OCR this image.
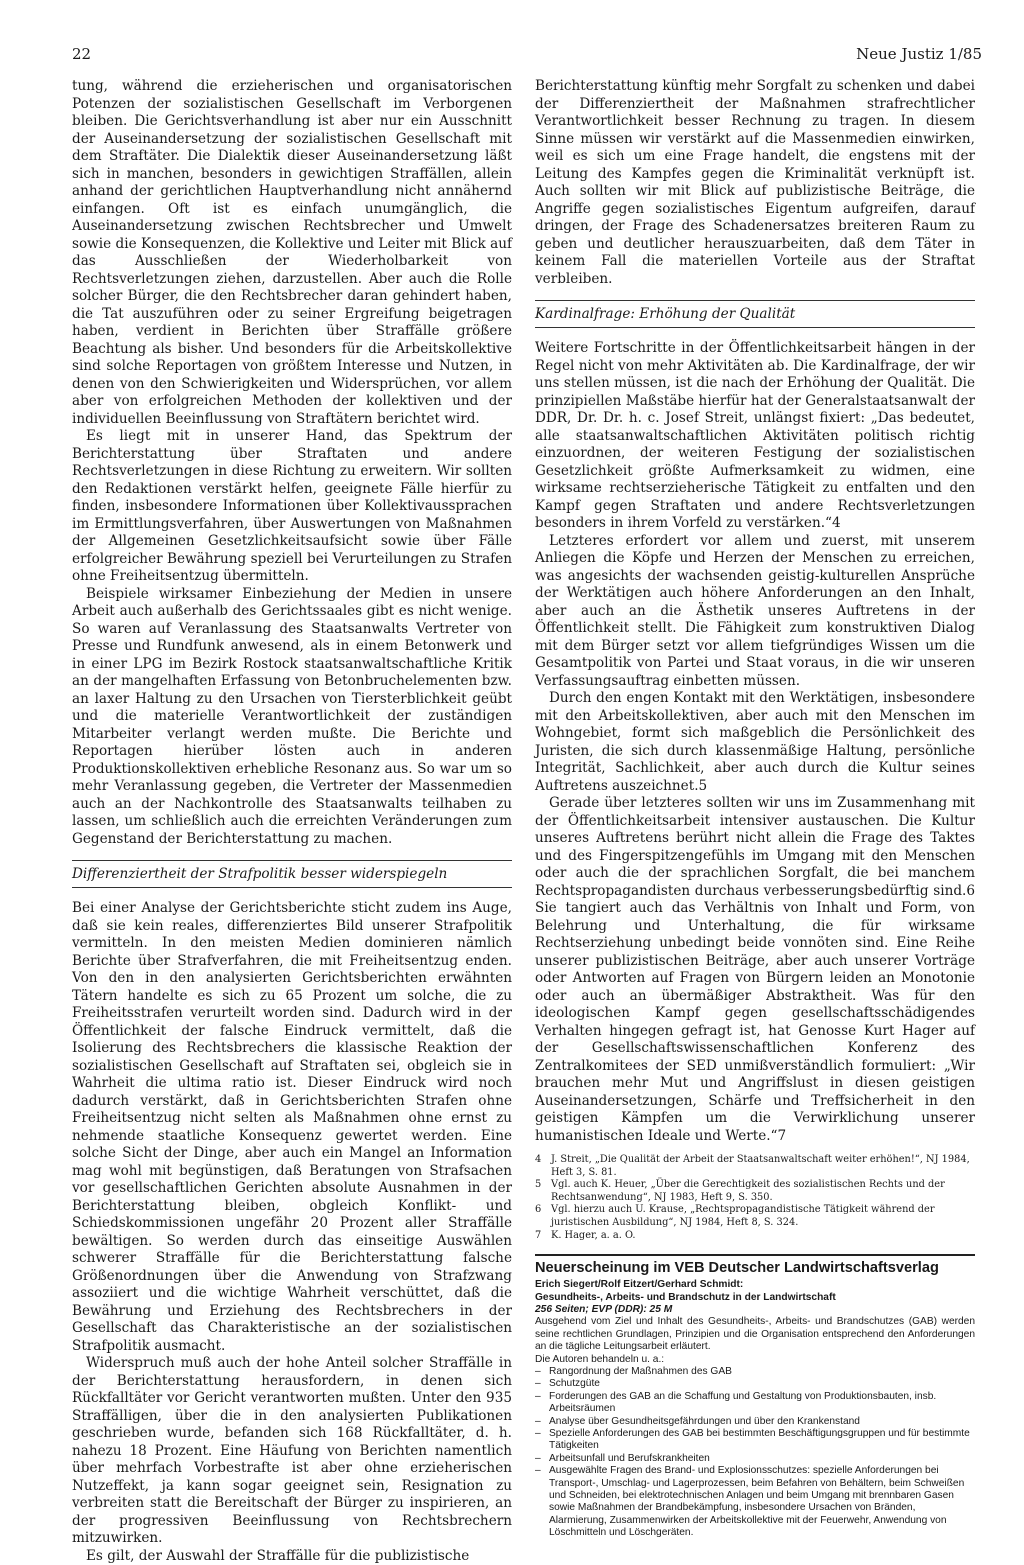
22	Neue Justiz 1/85

tung, während die erzieherischen und organisatorischen Potenzen der sozialistischen Gesellschaft im Verborgenen bleiben. Die Gerichtsverhandlung ist aber nur ein Ausschnitt der Auseinandersetzung der sozialistischen Gesellschaft mit dem Straftäter. Die Dialektik dieser Auseinandersetzung läßt sich in manchen, besonders in gewichtigen Straffällen, allein anhand der gerichtlichen Hauptverhandlung nicht annähernd einfangen. Oft ist es einfach unumgänglich, die Auseinandersetzung zwischen Rechtsbrecher und Umwelt sowie die Konsequenzen, die Kollektive und Leiter mit Blick auf das Ausschließen der Wiederholbarkeit von Rechtsverletzungen ziehen, darzustellen. Aber auch die Rolle solcher Bürger, die den Rechtsbrecher daran gehindert haben, die Tat auszuführen oder zu seiner Ergreifung beigetragen haben, verdient in Berichten über Straffälle größere Beachtung als bisher. Und besonders für die Arbeitskollektive sind solche Reportagen von größtem Interesse und Nutzen, in denen von den Schwierigkeiten und Widersprüchen, vor allem aber von erfolgreichen Methoden der kollektiven und der individuellen Beeinflussung von Straftätern berichtet wird.

Es liegt mit in unserer Hand, das Spektrum der Berichterstattung über Straftaten und andere Rechtsverletzungen in diese Richtung zu erweitern. Wir sollten den Redaktionen verstärkt helfen, geeignete Fälle hierfür zu finden, insbesondere Informationen über Kollektivaussprachen im Ermittlungsverfahren, über Auswertungen von Maßnahmen der Allgemeinen Gesetzlichkeitsaufsicht sowie über Fälle erfolgreicher Bewährung speziell bei Verurteilungen zu Strafen ohne Freiheitsentzug übermitteln.

Beispiele wirksamer Einbeziehung der Medien in unsere Arbeit auch außerhalb des Gerichtssaales gibt es nicht wenige. So waren auf Veranlassung des Staatsanwalts Vertreter von Presse und Rundfunk anwesend, als in einem Betonwerk und in einer LPG im Bezirk Rostock staatsanwaltschaftliche Kritik an der mangelhaften Erfassung von Betonbruchelementen bzw. an laxer Haltung zu den Ursachen von Tiersterblichkeit geübt und die materielle Verantwortlichkeit der zuständigen Mitarbeiter verlangt werden mußte. Die Berichte und Reportagen hierüber lösten auch in anderen Produktionskollektiven erhebliche Resonanz aus. So war um so mehr Veranlassung gegeben, die Vertreter der Massenmedien auch an der Nachkontrolle des Staatsanwalts teilhaben zu lassen, um schließlich auch die erreichten Veränderungen zum Gegenstand der Berichterstattung zu machen.

Differenziertheit der Strafpolitik besser widerspiegeln

Bei einer Analyse der Gerichtsberichte sticht zudem ins Auge, daß sie kein reales, differenziertes Bild unserer Strafpolitik vermitteln. In den meisten Medien dominieren nämlich Berichte über Strafverfahren, die mit Freiheitsentzug enden. Von den in den analysierten Gerichtsberichten erwähnten Tätern handelte es sich zu 65 Prozent um solche, die zu Freiheitsstrafen verurteilt worden sind. Dadurch wird in der Öffentlichkeit der falsche Eindruck vermittelt, daß die Isolierung des Rechtsbrechers die klassische Reaktion der sozialistischen Gesellschaft auf Straftaten sei, obgleich sie in Wahrheit die ultima ratio ist. Dieser Eindruck wird noch dadurch verstärkt, daß in Gerichtsberichten Strafen ohne Freiheitsentzug nicht selten als Maßnahmen ohne ernst zu nehmende staatliche Konsequenz gewertet werden. Eine solche Sicht der Dinge, aber auch ein Mangel an Information mag wohl mit begünstigen, daß Beratungen von Strafsachen vor gesellschaftlichen Gerichten absolute Ausnahmen in der Berichterstattung bleiben, obgleich Konflikt- und Schiedskommissionen ungefähr 20 Prozent aller Straffälle bewältigen. So werden durch das einseitige Auswählen schwerer Straffälle für die Berichterstattung falsche Größenordnungen über die Anwendung von Strafzwang assoziiert und die wichtige Wahrheit verschüttet, daß die Bewährung und Erziehung des Rechtsbrechers in der Gesellschaft das Charakteristische an der sozialistischen Strafpolitik ausmacht.

Widerspruch muß auch der hohe Anteil solcher Straffälle in der Berichterstattung herausfordern, in denen sich Rückfalltäter vor Gericht verantworten mußten. Unter den 935 Straffälligen, über die in den analysierten Publikationen geschrieben wurde, befanden sich 168 Rückfalltäter, d. h. nahezu 18 Prozent. Eine Häufung von Berichten namentlich über mehrfach Vorbestrafte ist aber ohne erzieherischen Nutzeffekt, ja kann sogar geeignet sein, Resignation zu verbreiten statt die Bereitschaft der Bürger zu inspirieren, an der progressiven Beeinflussung von Rechtsbrechern mitzuwirken.

Es gilt, der Auswahl der Straffälle für die publizistische

Berichterstattung künftig mehr Sorgfalt zu schenken und dabei der Differenziertheit der Maßnahmen strafrechtlicher Verantwortlichkeit besser Rechnung zu tragen. In diesem Sinne müssen wir verstärkt auf die Massenmedien einwirken, weil es sich um eine Frage handelt, die engstens mit der Leitung des Kampfes gegen die Kriminalität verknüpft ist. Auch sollten wir mit Blick auf publizistische Beiträge, die Angriffe gegen sozialistisches Eigentum aufgreifen, darauf dringen, der Frage des Schadenersatzes breiteren Raum zu geben und deutlicher herauszuarbeiten, daß dem Täter in keinem Fall die materiellen Vorteile aus der Straftat verbleiben.

Kardinalfrage: Erhöhung der Qualität

Weitere Fortschritte in der Öffentlichkeitsarbeit hängen in der Regel nicht von mehr Aktivitäten ab. Die Kardinalfrage, der wir uns stellen müssen, ist die nach der Erhöhung der Qualität. Die prinzipiellen Maßstäbe hierfür hat der Generalstaatsanwalt der DDR, Dr. Dr. h. c. Josef Streit, unlängst fixiert: „Das bedeutet, alle staatsanwaltschaftlichen Aktivitäten politisch richtig einzuordnen, der weiteren Festigung der sozialistischen Gesetzlichkeit größte Aufmerksamkeit zu widmen, eine wirksame rechtserzieherische Tätigkeit zu entfalten und den Kampf gegen Straftaten und andere Rechtsverletzungen besonders in ihrem Vorfeld zu verstärken.“4

Letzteres erfordert vor allem und zuerst, mit unserem Anliegen die Köpfe und Herzen der Menschen zu erreichen, was angesichts der wachsenden geistig-kulturellen Ansprüche der Werktätigen auch höhere Anforderungen an den Inhalt, aber auch an die Ästhetik unseres Auftretens in der Öffentlichkeit stellt. Die Fähigkeit zum konstruktiven Dialog mit dem Bürger setzt vor allem tiefgründiges Wissen um die Gesamtpolitik von Partei und Staat voraus, in die wir unseren Verfassungsauftrag einbetten müssen.

Durch den engen Kontakt mit den Werktätigen, insbesondere mit den Arbeitskollektiven, aber auch mit den Menschen im Wohngebiet, formt sich maßgeblich die Persönlichkeit des Juristen, die sich durch klassenmäßige Haltung, persönliche Integrität, Sachlichkeit, aber auch durch die Kultur seines Auftretens auszeichnet.5

Gerade über letzteres sollten wir uns im Zusammenhang mit der Öffentlichkeitsarbeit intensiver austauschen. Die Kultur unseres Auftretens berührt nicht allein die Frage des Taktes und des Fingerspitzengefühls im Umgang mit den Menschen oder auch die der sprachlichen Sorgfalt, die bei manchem Rechtspropagandisten durchaus verbesserungsbedürftig sind.6 Sie tangiert auch das Verhältnis von Inhalt und Form, von Belehrung und Unterhaltung, die für wirksame Rechtserziehung unbedingt beide vonnöten sind. Eine Reihe unserer publizistischen Beiträge, aber auch unserer Vorträge oder Antworten auf Fragen von Bürgern leiden an Monotonie oder auch an übermäßiger Abstraktheit. Was für den ideologischen Kampf gegen gesellschaftsschädigendes Verhalten hingegen gefragt ist, hat Genosse Kurt Hager auf der Gesellschaftswissenschaftlichen Konferenz des Zentralkomitees der SED unmißverständlich formuliert: „Wir brauchen mehr Mut und Angriffslust in diesen geistigen Auseinandersetzungen, Schärfe und Treffsicherheit in den geistigen Kämpfen um die Verwirklichung unserer humanistischen Ideale und Werte.“7

4 J. Streit, „Die Qualität der Arbeit der Staatsanwaltschaft weiter erhöhen!“, NJ 1984, Heft 3, S. 81.
5 Vgl. auch K. Heuer, „Über die Gerechtigkeit des sozialistischen Rechts und der Rechtsanwendung“, NJ 1983, Heft 9, S. 350.
6 Vgl. hierzu auch U. Krause, „Rechtspropagandistische Tätigkeit während der juristischen Ausbildung“, NJ 1984, Heft 8, S. 324.
7 K. Hager, a. a. O.
Neuerscheinung im VEB Deutscher Landwirtschaftsverlag
Erich Siegert/Rolf Eitzert/Gerhard Schmidt:
Gesundheits-, Arbeits- und Brandschutz in der Landwirtschaft
256 Seiten; EVP (DDR): 25 M
Ausgehend vom Ziel und Inhalt des Gesundheits-, Arbeits- und Brandschutzes (GAB) werden seine rechtlichen Grundlagen, Prinzipien und die Organisation entsprechend den Anforderungen an die tägliche Leitungsarbeit erläutert.
Die Autoren behandeln u. a.:
– Rangordnung der Maßnahmen des GAB
– Schutzgüte
– Forderungen des GAB an die Schaffung und Gestaltung von Produktionsbauten, insb. Arbeitsräumen
– Analyse über Gesundheitsgefährdungen und über den Krankenstand
– Spezielle Anforderungen des GAB bei bestimmten Beschäftigungsgruppen und für bestimmte Tätigkeiten
– Arbeitsunfall und Berufskrankheiten
– Ausgewählte Fragen des Brand- und Explosionsschutzes: spezielle Anforderungen bei Transport-, Umschlag- und Lagerprozessen, beim Befahren von Behältern, beim Schweißen und Schneiden, bei elektrotechnischen Anlagen und beim Umgang mit brennbaren Gasen sowie Maßnahmen der Brandbekämpfung, insbesondere Ursachen von Bränden, Alarmierung, Zusammenwirken der Arbeitskollektive mit der Feuerwehr, Anwendung von Löschmitteln und Löschgeräten.
